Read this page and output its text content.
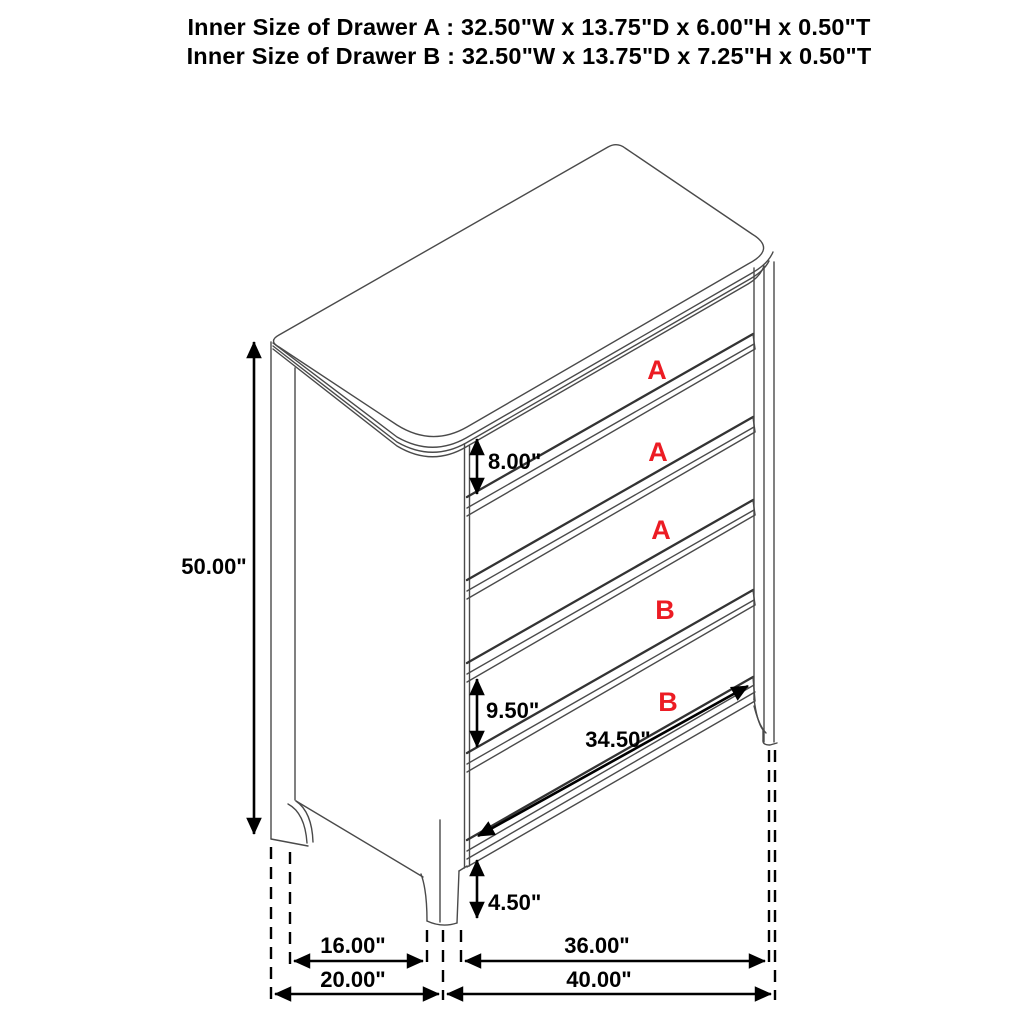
Inner Size of Drawer A : 32.50"W x 13.75"D x 6.00"H x 0.50"T
Inner Size of Drawer B : 32.50"W x 13.75"D x 7.25"H x 0.50"T
50.00"
8.00"
9.50"
4.50"
34.50"
16.00"	36.00"
20.00"	40.00"
A
A
A
B
B
